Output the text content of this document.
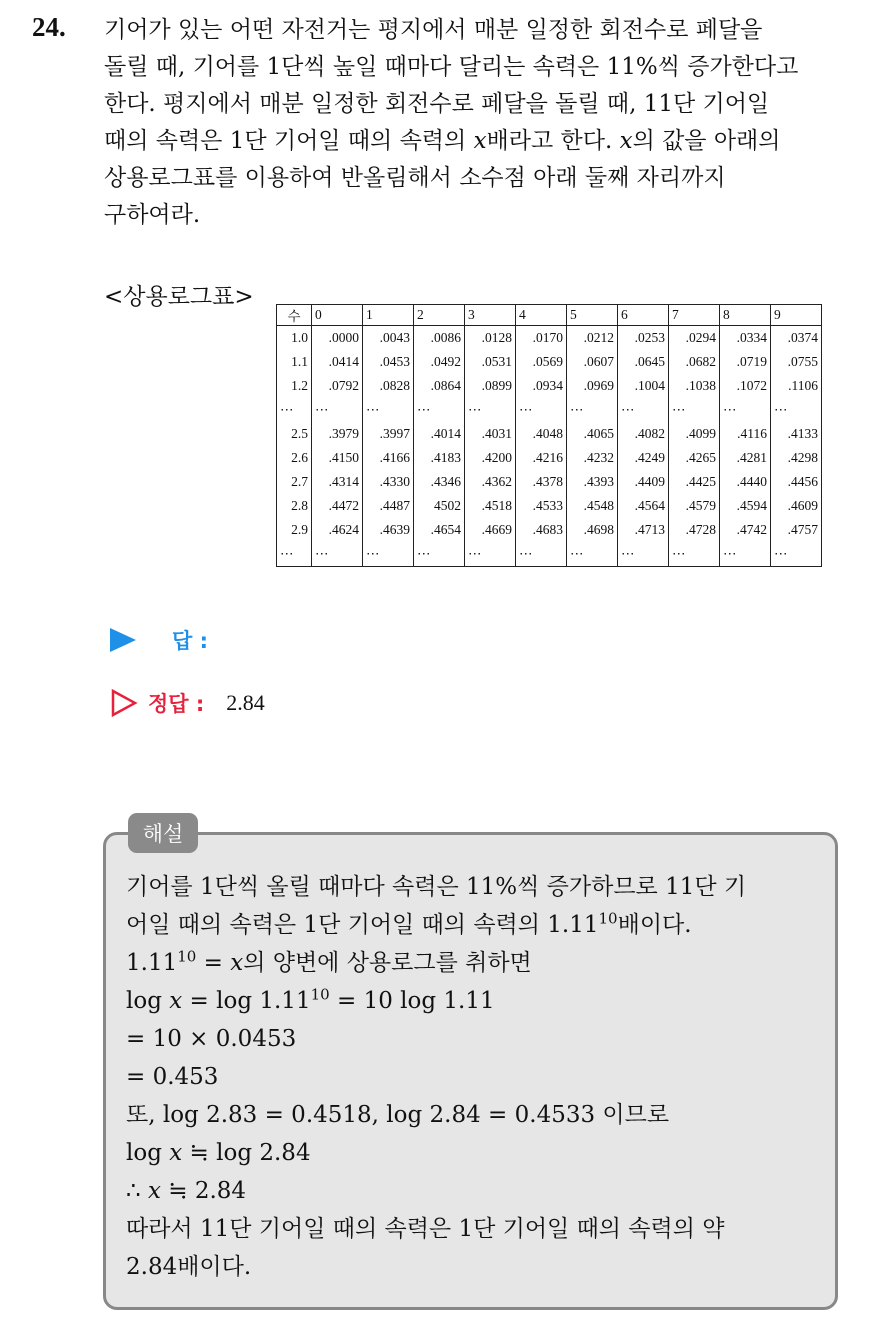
24. 기어가 있는 어떤 자전거는 평지에서 매분 일정한 회전수로 페달을
돌릴 때, 기어를 1단씩 높일 때마다 달리는 속력은 11%씩 증가한다고
한다. 평지에서 매분 일정한 회전수로 페달을 돌릴 때, 11단 기어일
때의 속력은 1단 기어일 때의 속력의 x배라고 한다. x의 값을 아래의
상용로그표를 이용하여 반올림해서 소수점 아래 둘째 자리까지
구하여라.
<상용로그표>
수	0	1	2	3	4	5	6	7	8	9
1.0	.0000	.0043	.0086	.0128	.0170	.0212	.0253	.0294	.0334	.0374
1.1	.0414	.0453	.0492	.0531	.0569	.0607	.0645	.0682	.0719	.0755
1.2	.0792	.0828	.0864	.0899	.0934	.0969	.1004	.1038	.1072	.1106
⋯	⋯	⋯	⋯	⋯	⋯	⋯	⋯	⋯	⋯	⋯
2.5	.3979	.3997	.4014	.4031	.4048	.4065	.4082	.4099	.4116	.4133
2.6	.4150	.4166	.4183	.4200	.4216	.4232	.4249	.4265	.4281	.4298
2.7	.4314	.4330	.4346	.4362	.4378	.4393	.4409	.4425	.4440	.4456
2.8	.4472	.4487	4502	.4518	.4533	.4548	.4564	.4579	.4594	.4609
2.9	.4624	.4639	.4654	.4669	.4683	.4698	.4713	.4728	.4742	.4757
⋯	⋯	⋯	⋯	⋯	⋯	⋯	⋯	⋯	⋯	⋯
답 :
정답 : 2.84
해설
기어를 1단씩 올릴 때마다 속력은 11%씩 증가하므로 11단 기
어일 때의 속력은 1단 기어일 때의 속력의 1.11$^{10}$배이다.
$1.11^{10} = x$의 양변에 상용로그를 취하면
$\log x = \log 1.11^{10} = 10$ log 1.11
= 10 × 0.0453
= 0.453
또, log 2.83 = 0.4518, log 2.84 = 0.4533 이므로
log x ≒ log 2.84
∴ x ≒ 2.84
따라서 11단 기어일 때의 속력은 1단 기어일 때의 속력의 약
2.84배이다.
